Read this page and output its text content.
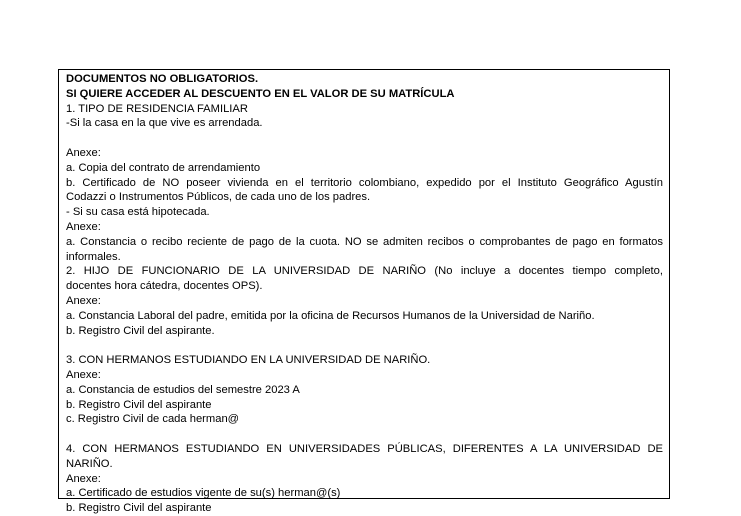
DOCUMENTOS NO OBLIGATORIOS.
SI QUIERE ACCEDER AL DESCUENTO EN EL VALOR DE SU MATRÍCULA
1. TIPO DE RESIDENCIA FAMILIAR
-Si la casa en la que vive es arrendada.
Anexe:
a. Copia del contrato de arrendamiento
b. Certificado de NO poseer vivienda en el territorio colombiano, expedido por el Instituto Geográfico Agustín
Codazzi o Instrumentos Públicos, de cada uno de los padres.
- Si su casa está hipotecada.
Anexe:
a. Constancia o recibo reciente de pago de la cuota. NO se admiten recibos o comprobantes de pago en formatos
informales.
2. HIJO DE FUNCIONARIO DE LA UNIVERSIDAD DE NARIÑO (No incluye a docentes tiempo completo,
docentes hora cátedra, docentes OPS).
Anexe:
a. Constancia Laboral del padre, emitida por la oficina de Recursos Humanos de la Universidad de Nariño.
b. Registro Civil del aspirante.
3. CON HERMANOS ESTUDIANDO EN LA UNIVERSIDAD DE NARIÑO.
Anexe:
a. Constancia de estudios del semestre 2023 A
b. Registro Civil del aspirante
c. Registro Civil de cada herman@
4. CON HERMANOS ESTUDIANDO EN UNIVERSIDADES PÚBLICAS, DIFERENTES A LA UNIVERSIDAD DE
NARIÑO.
Anexe:
a. Certificado de estudios vigente de su(s) herman@(s)
b. Registro Civil del aspirante
